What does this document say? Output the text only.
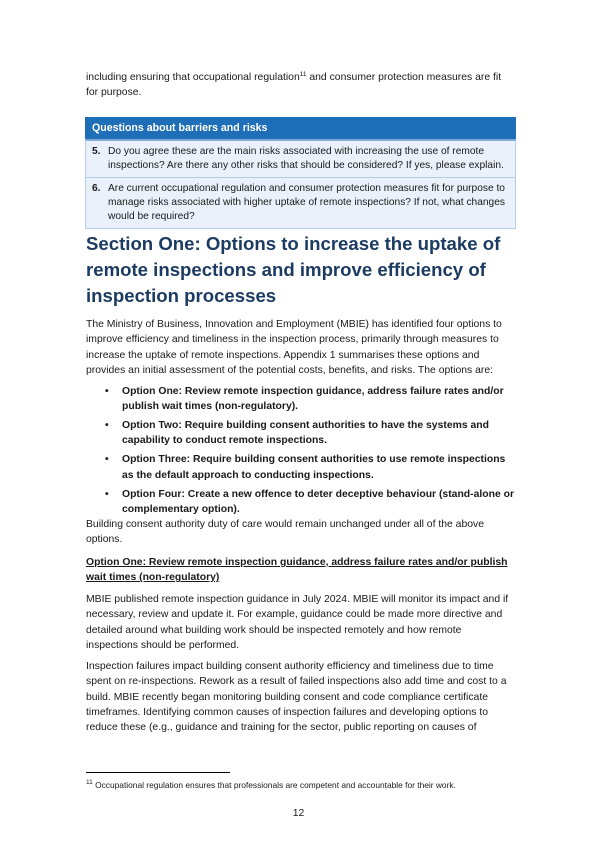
including ensuring that occupational regulation$^{11}$ and consumer protection measures are fit for purpose.

Questions about barriers and risks
5. Do you agree these are the main risks associated with increasing the use of remote inspections? Are there any other risks that should be considered? If yes, please explain.
6. Are current occupational regulation and consumer protection measures fit for purpose to manage risks associated with higher uptake of remote inspections? If not, what changes would be required?
Section One: Options to increase the uptake of remote inspections and improve efficiency of inspection processes

The Ministry of Business, Innovation and Employment (MBIE) has identified four options to improve efficiency and timeliness in the inspection process, primarily through measures to increase the uptake of remote inspections. Appendix 1 summarises these options and provides an initial assessment of the potential costs, benefits, and risks. The options are:

• Option One: Review remote inspection guidance, address failure rates and/or publish wait times (non-regulatory).
• Option Two: Require building consent authorities to have the systems and capability to conduct remote inspections.
• Option Three: Require building consent authorities to use remote inspections as the default approach to conducting inspections.
• Option Four: Create a new offence to deter deceptive behaviour (stand-alone or complementary option).

Building consent authority duty of care would remain unchanged under all of the above options.

Option One: Review remote inspection guidance, address failure rates and/or publish wait times (non-regulatory)

MBIE published remote inspection guidance in July 2024. MBIE will monitor its impact and if necessary, review and update it. For example, guidance could be made more directive and detailed around what building work should be inspected remotely and how remote inspections should be performed.

Inspection failures impact building consent authority efficiency and timeliness due to time spent on re-inspections. Rework as a result of failed inspections also add time and cost to a build. MBIE recently began monitoring building consent and code compliance certificate timeframes. Identifying common causes of inspection failures and developing options to reduce these (e.g., guidance and training for the sector, public reporting on causes of

$^{11}$ Occupational regulation ensures that professionals are competent and accountable for their work.

12
